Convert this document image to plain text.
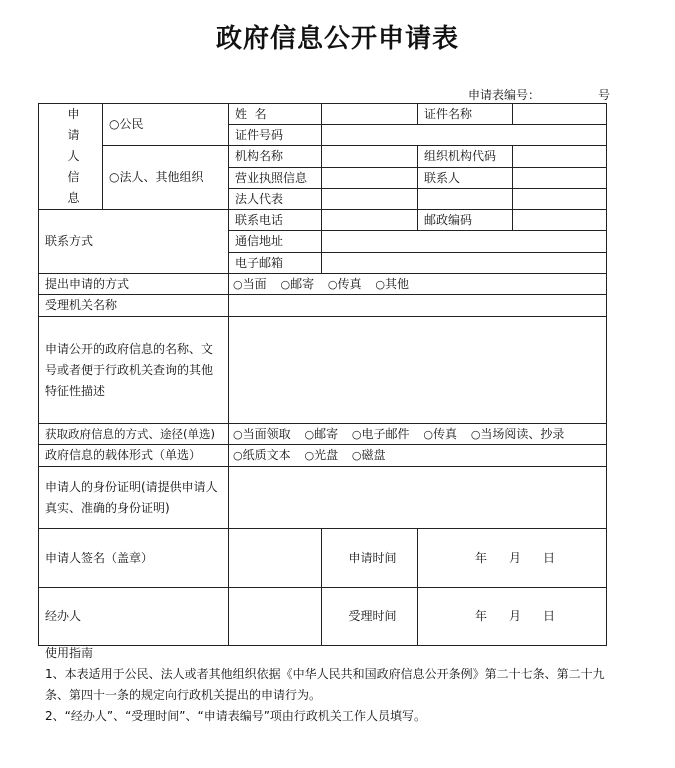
政府信息公开申请表
申请表编号：	号
申
请
人
信
息	○公民	姓  名		证件名称	
		证件号码			
	○法人、其他组织	机构名称		组织机构代码	
		营业执照信息		联系人	
		法人代表			
联系方式		联系电话		邮政编码	
		通信地址			
		电子邮箱			
提出申请的方式		○当面 ○邮寄 ○传真 ○其他			
受理机关名称					
申请公开的政府信息的名称、文号或者便于行政机关查询的其他特征性描述					
获取政府信息的方式、途径(单选)		○当面领取 ○邮寄 ○电子邮件 ○传真 ○当场阅读、抄录			
政府信息的载体形式（单选）		○纸质文本 ○光盘 ○磁盘			
申请人的身份证明(请提供申请人真实、准确的身份证明)					
申请人签名（盖章）			申请时间	年 月 日	
经办人			受理时间	年 月 日	

使用指南

1、本表适用于公民、法人或者其他组织依据《中华人民共和国政府信息公开条例》第二十七条、第二十九条、第四十一条的规定向行政机关提出的申请行为。

2、“经办人”、“受理时间”、“申请表编号”项由行政机关工作人员填写。
